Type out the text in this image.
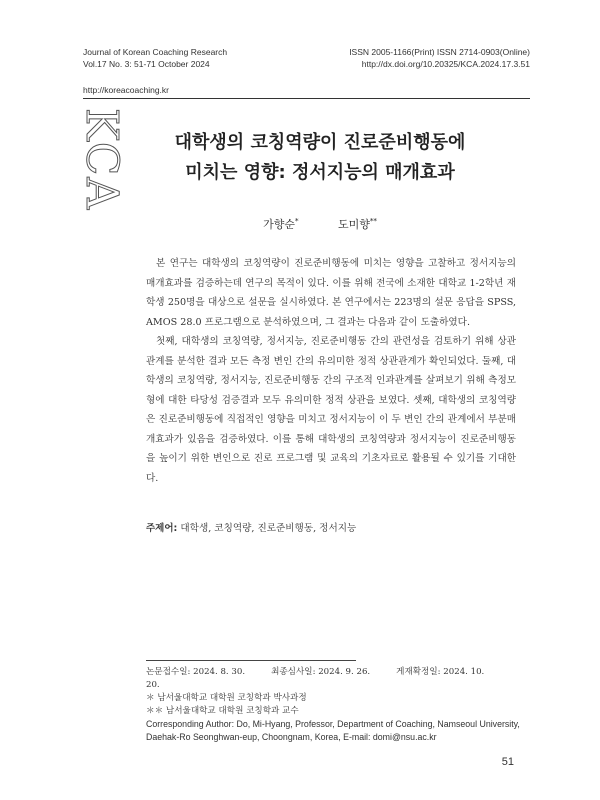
Journal of Korean Coaching Research
Vol.17 No. 3: 51-71 October 2024
ISSN 2005-1166(Print) ISSN 2714-0903(Online)
http://dx.doi.org/10.20325/KCA.2024.17.3.51
http://koreacoaching.kr
KCA	대학생의 코칭역량이 진로준비행동에
미치는 영향: 정서지능의 매개효과
가향순*	도미향**

본 연구는 대학생의 코칭역량이 진로준비행동에 미치는 영향을 고찰하고 정서지능의 매개효과를 검증하는데 연구의 목적이 있다. 이를 위해 전국에 소재한 대학교 1-2학년 재학생 250명을 대상으로 설문을 실시하였다. 본 연구에서는 223명의 설문 응답을 SPSS, AMOS 28.0 프로그램으로 분석하였으며, 그 결과는 다음과 같이 도출하였다.

첫째, 대학생의 코칭역량, 정서지능, 진로준비행동 간의 관련성을 검토하기 위해 상관관계를 분석한 결과 모든 측정 변인 간의 유의미한 정적 상관관계가 확인되었다. 둘째, 대학생의 코칭역량, 정서지능, 진로준비행동 간의 구조적 인과관계를 살펴보기 위해 측정모형에 대한 타당성 검증결과 모두 유의미한 정적 상관을 보였다. 셋째, 대학생의 코칭역량은 진로준비행동에 직접적인 영향을 미치고 정서지능이 이 두 변인 간의 관계에서 부분매개효과가 있음을 검증하였다. 이를 통해 대학생의 코칭역량과 정서지능이 진로준비행동을 높이기 위한 변인으로 진로 프로그램 및 교육의 기초자료로 활용될 수 있기를 기대한다.

주제어: 대학생, 코칭역량, 진로준비행동, 정서지능
논문접수일: 2024. 8. 30.	최종심사일: 2024. 9. 26.	게재확정일: 2024. 10. 20.
＊ 남서울대학교 대학원 코칭학과 박사과정
＊＊ 남서울대학교 대학원 코칭학과 교수
Corresponding Author: Do, Mi-Hyang, Professor, Department of Coaching, Namseoul University, Daehak-Ro Seonghwan-eup, Choongnam, Korea, E-mail: domi@nsu.ac.kr
51
